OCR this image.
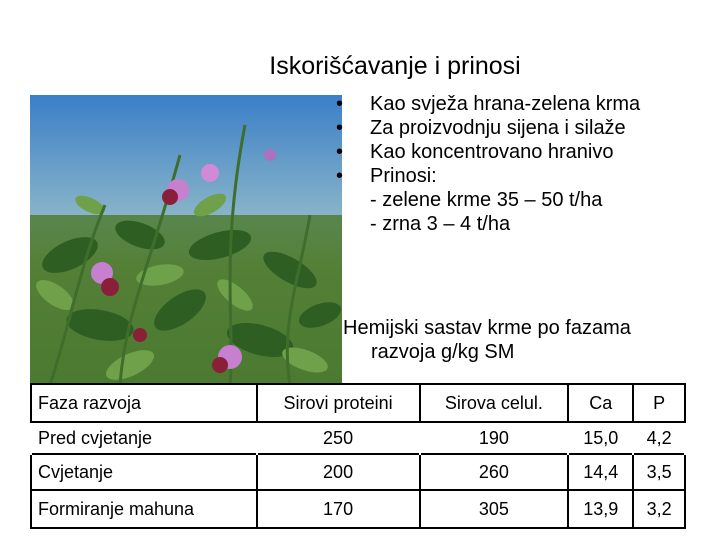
Iskorišćavanje i prinosi
• Kao svježa hrana-zelena krma
• Za proizvodnju sijena i silaže
• Kao koncentrovano hranivo
• Prinosi:
- zelene krme 35 – 50 t/ha
- zrna 3 – 4 t/ha
Hemijski sastav krme po fazama
razvoja g/kg SM
Faza razvoja	Sirovi proteini	Sirova celul.	Ca	P
Pred cvjetanje	250	190	15,0	4,2
Cvjetanje	200	260	14,4	3,5
Formiranje mahuna	170	305	13,9	3,2
